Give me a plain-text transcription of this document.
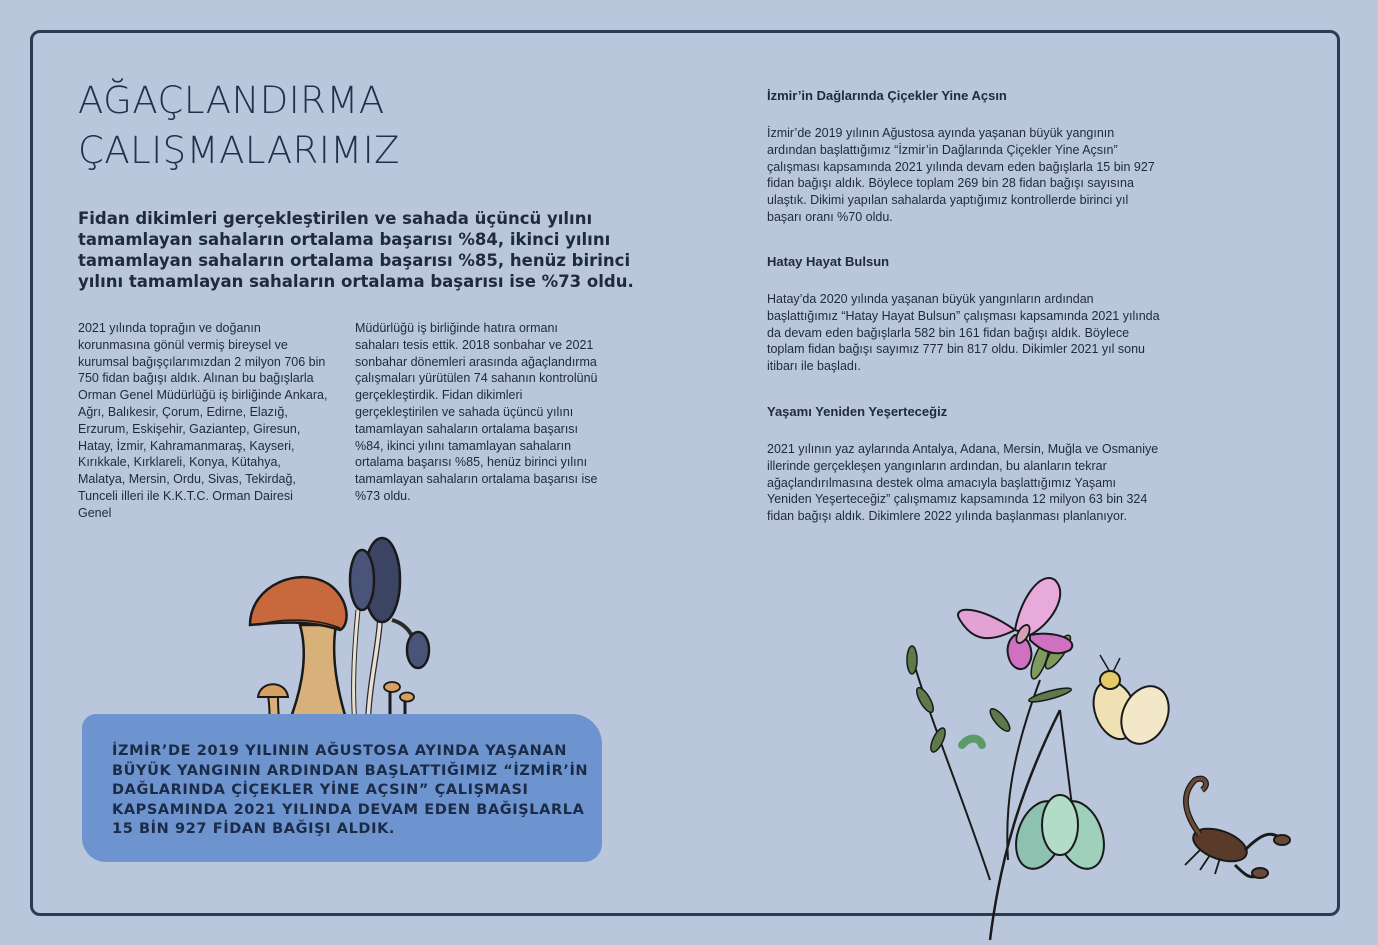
AĞAÇLANDIRMA
ÇALIŞMALARIMIZ

Fidan dikimleri gerçekleştirilen ve sahada üçüncü yılını tamamlayan sahaların ortalama başarısı %84, ikinci yılını tamamlayan sahaların ortalama başarısı %85, henüz birinci yılını tamamlayan sahaların ortalama başarısı ise %73 oldu.

2021 yılında toprağın ve doğanın korunmasına gönül vermiş bireysel ve kurumsal bağışçılarımızdan 2 milyon 706 bin 750 fidan bağışı aldık. Alınan bu bağışlarla Orman Genel Müdürlüğü iş birliğinde Ankara, Ağrı, Balıkesir, Çorum, Edirne, Elazığ, Erzurum, Eskişehir, Gaziantep, Giresun, Hatay, İzmir, Kahramanmaraş, Kayseri, Kırıkkale, Kırklareli, Konya, Kütahya, Malatya, Mersin, Ordu, Sivas, Tekirdağ, Tunceli illeri ile K.K.T.C. Orman Dairesi Genel

Müdürlüğü iş birliğinde hatıra ormanı sahaları tesis ettik. 2018 sonbahar ve 2021 sonbahar dönemleri arasında ağaçlandırma çalışmaları yürütülen 74 sahanın kontrolünü gerçekleştirdik. Fidan dikimleri gerçekleştirilen ve sahada üçüncü yılını tamamlayan sahaların ortalama başarısı %84, ikinci yılını tamamlayan sahaların ortalama başarısı %85, henüz birinci yılını tamamlayan sahaların ortalama başarısı ise %73 oldu.

İZMİR’DE 2019 YILININ AĞUSTOSA AYINDA YAŞANAN BÜYÜK YANGININ ARDINDAN BAŞLATTIĞIMIZ “İZMİR’İN DAĞLARINDA ÇİÇEKLER YİNE AÇSIN” ÇALIŞMASI KAPSAMINDA 2021 YILINDA DEVAM EDEN BAĞIŞLARLA 15 BİN 927 FİDAN BAĞIŞI ALDIK.

İzmir’in Dağlarında Çiçekler Yine Açsın

İzmir’de 2019 yılının Ağustosa ayında yaşanan büyük yangının ardından başlattığımız “İzmir’in Dağlarında Çiçekler Yine Açsın” çalışması kapsamında 2021 yılında devam eden bağışlarla 15 bin 927 fidan bağışı aldık. Böylece toplam 269 bin 28 fidan bağışı sayısına ulaştık. Dikimi yapılan sahalarda yaptığımız kontrollerde birinci yıl başarı oranı %70 oldu.

Hatay Hayat Bulsun

Hatay’da 2020 yılında yaşanan büyük yangınların ardından başlattığımız “Hatay Hayat Bulsun” çalışması kapsamında 2021 yılında da devam eden bağışlarla 582 bin 161 fidan bağışı aldık. Böylece toplam fidan bağışı sayımız 777 bin 817 oldu. Dikimler 2021 yıl sonu itibarı ile başladı.

Yaşamı Yeniden Yeşerteceğiz

2021 yılının yaz aylarında Antalya, Adana, Mersin, Muğla ve Osmaniye illerinde gerçekleşen yangınların ardından, bu alanların tekrar ağaçlandırılmasına destek olma amacıyla başlattığımız Yaşamı Yeniden Yeşerteceğiz” çalışmamız kapsamında 12 milyon 63 bin 324 fidan bağışı aldık. Dikimlere 2022 yılında başlanması planlanıyor.
